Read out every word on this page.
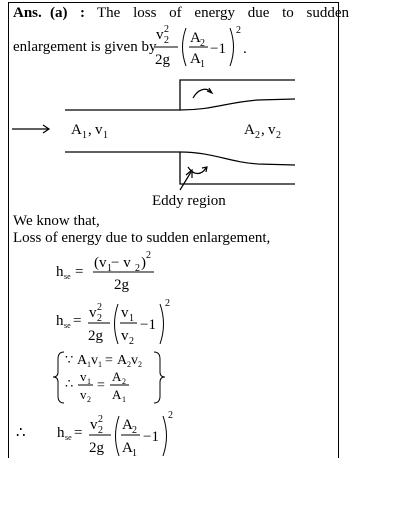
Ans. (a) : The loss of energy due to sudden
enlargement is given by
v 2
2
2g
A 2
A 1
−1
2
.
A 1 , v 1	A 2 , v 2
Eddy region
We know that,
Loss of energy due to sudden enlargement,
h se =
(v 1 − v 2 ) 2
2g
h se = v 2
2
2g
v 1
v 2
−1
2
∵ A 1 v 1 = A 2 v 2
∴ v 1
v 2
=
A 2
A 1
∴ h se = v 2
2
2g
A 2
A 1
−1
2
